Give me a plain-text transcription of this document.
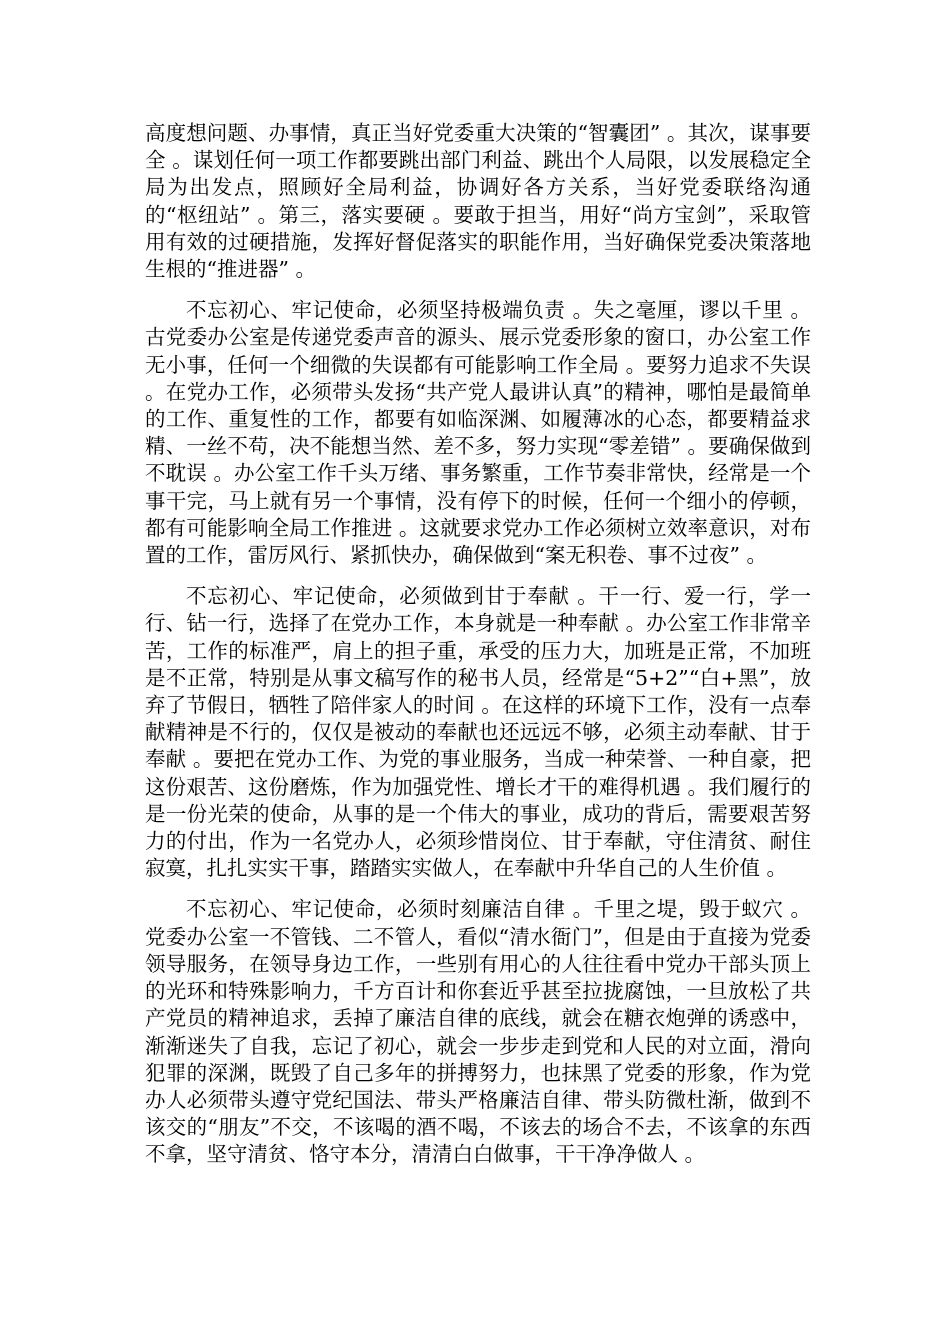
高度想问题、办事情，真正当好党委重大决策的“智囊团” 。其次，谋事要全 。谋划任何一项工作都要跳出部门利益、跳出个人局限，以发展稳定全局为出发点，照顾好全局利益，协调好各方关系，当好党委联络沟通的“枢纽站” 。第三，落实要硬 。要敢于担当，用好“尚方宝剑”，采取管用有效的过硬措施，发挥好督促落实的职能作用，当好确保党委决策落地生根的“推进器” 。

不忘初心、牢记使命，必须坚持极端负责 。失之毫厘，谬以千里 。古党委办公室是传递党委声音的源头、展示党委形象的窗口，办公室工作无小事，任何一个细微的失误都有可能影响工作全局 。要努力追求不失误 。在党办工作，必须带头发扬“共产党人最讲认真”的精神，哪怕是最简单的工作、重复性的工作，都要有如临深渊、如履薄冰的心态，都要精益求精、一丝不苟，决不能想当然、差不多，努力实现“零差错” 。要确保做到不耽误 。办公室工作千头万绪、事务繁重，工作节奏非常快，经常是一个事干完，马上就有另一个事情，没有停下的时候，任何一个细小的停顿，都有可能影响全局工作推进 。这就要求党办工作必须树立效率意识，对布置的工作，雷厉风行、紧抓快办，确保做到“案无积卷、事不过夜” 。

不忘初心、牢记使命，必须做到甘于奉献 。干一行、爱一行，学一行、钻一行，选择了在党办工作，本身就是一种奉献 。办公室工作非常辛苦，工作的标准严，肩上的担子重，承受的压力大，加班是正常，不加班是不正常，特别是从事文稿写作的秘书人员，经常是“5+2”“白+黑”，放弃了节假日，牺牲了陪伴家人的时间 。在这样的环境下工作，没有一点奉献精神是不行的，仅仅是被动的奉献也还远远不够，必须主动奉献、甘于奉献 。要把在党办工作、为党的事业服务，当成一种荣誉、一种自豪，把这份艰苦、这份磨炼，作为加强党性、增长才干的难得机遇 。我们履行的是一份光荣的使命，从事的是一个伟大的事业，成功的背后，需要艰苦努力的付出，作为一名党办人，必须珍惜岗位、甘于奉献，守住清贫、耐住寂寞，扎扎实实干事，踏踏实实做人，在奉献中升华自己的人生价值 。

不忘初心、牢记使命，必须时刻廉洁自律 。千里之堤，毁于蚁穴 。党委办公室一不管钱、二不管人，看似“清水衙门”，但是由于直接为党委领导服务，在领导身边工作，一些别有用心的人往往看中党办干部头顶上的光环和特殊影响力，千方百计和你套近乎甚至拉拢腐蚀，一旦放松了共产党员的精神追求，丢掉了廉洁自律的底线，就会在糖衣炮弹的诱惑中，渐渐迷失了自我，忘记了初心，就会一步步走到党和人民的对立面，滑向犯罪的深渊，既毁了自己多年的拼搏努力，也抹黑了党委的形象，作为党办人必须带头遵守党纪国法、带头严格廉洁自律、带头防微杜渐，做到不该交的“朋友”不交，不该喝的酒不喝，不该去的场合不去，不该拿的东西不拿，坚守清贫、恪守本分，清清白白做事，干干净净做人 。
